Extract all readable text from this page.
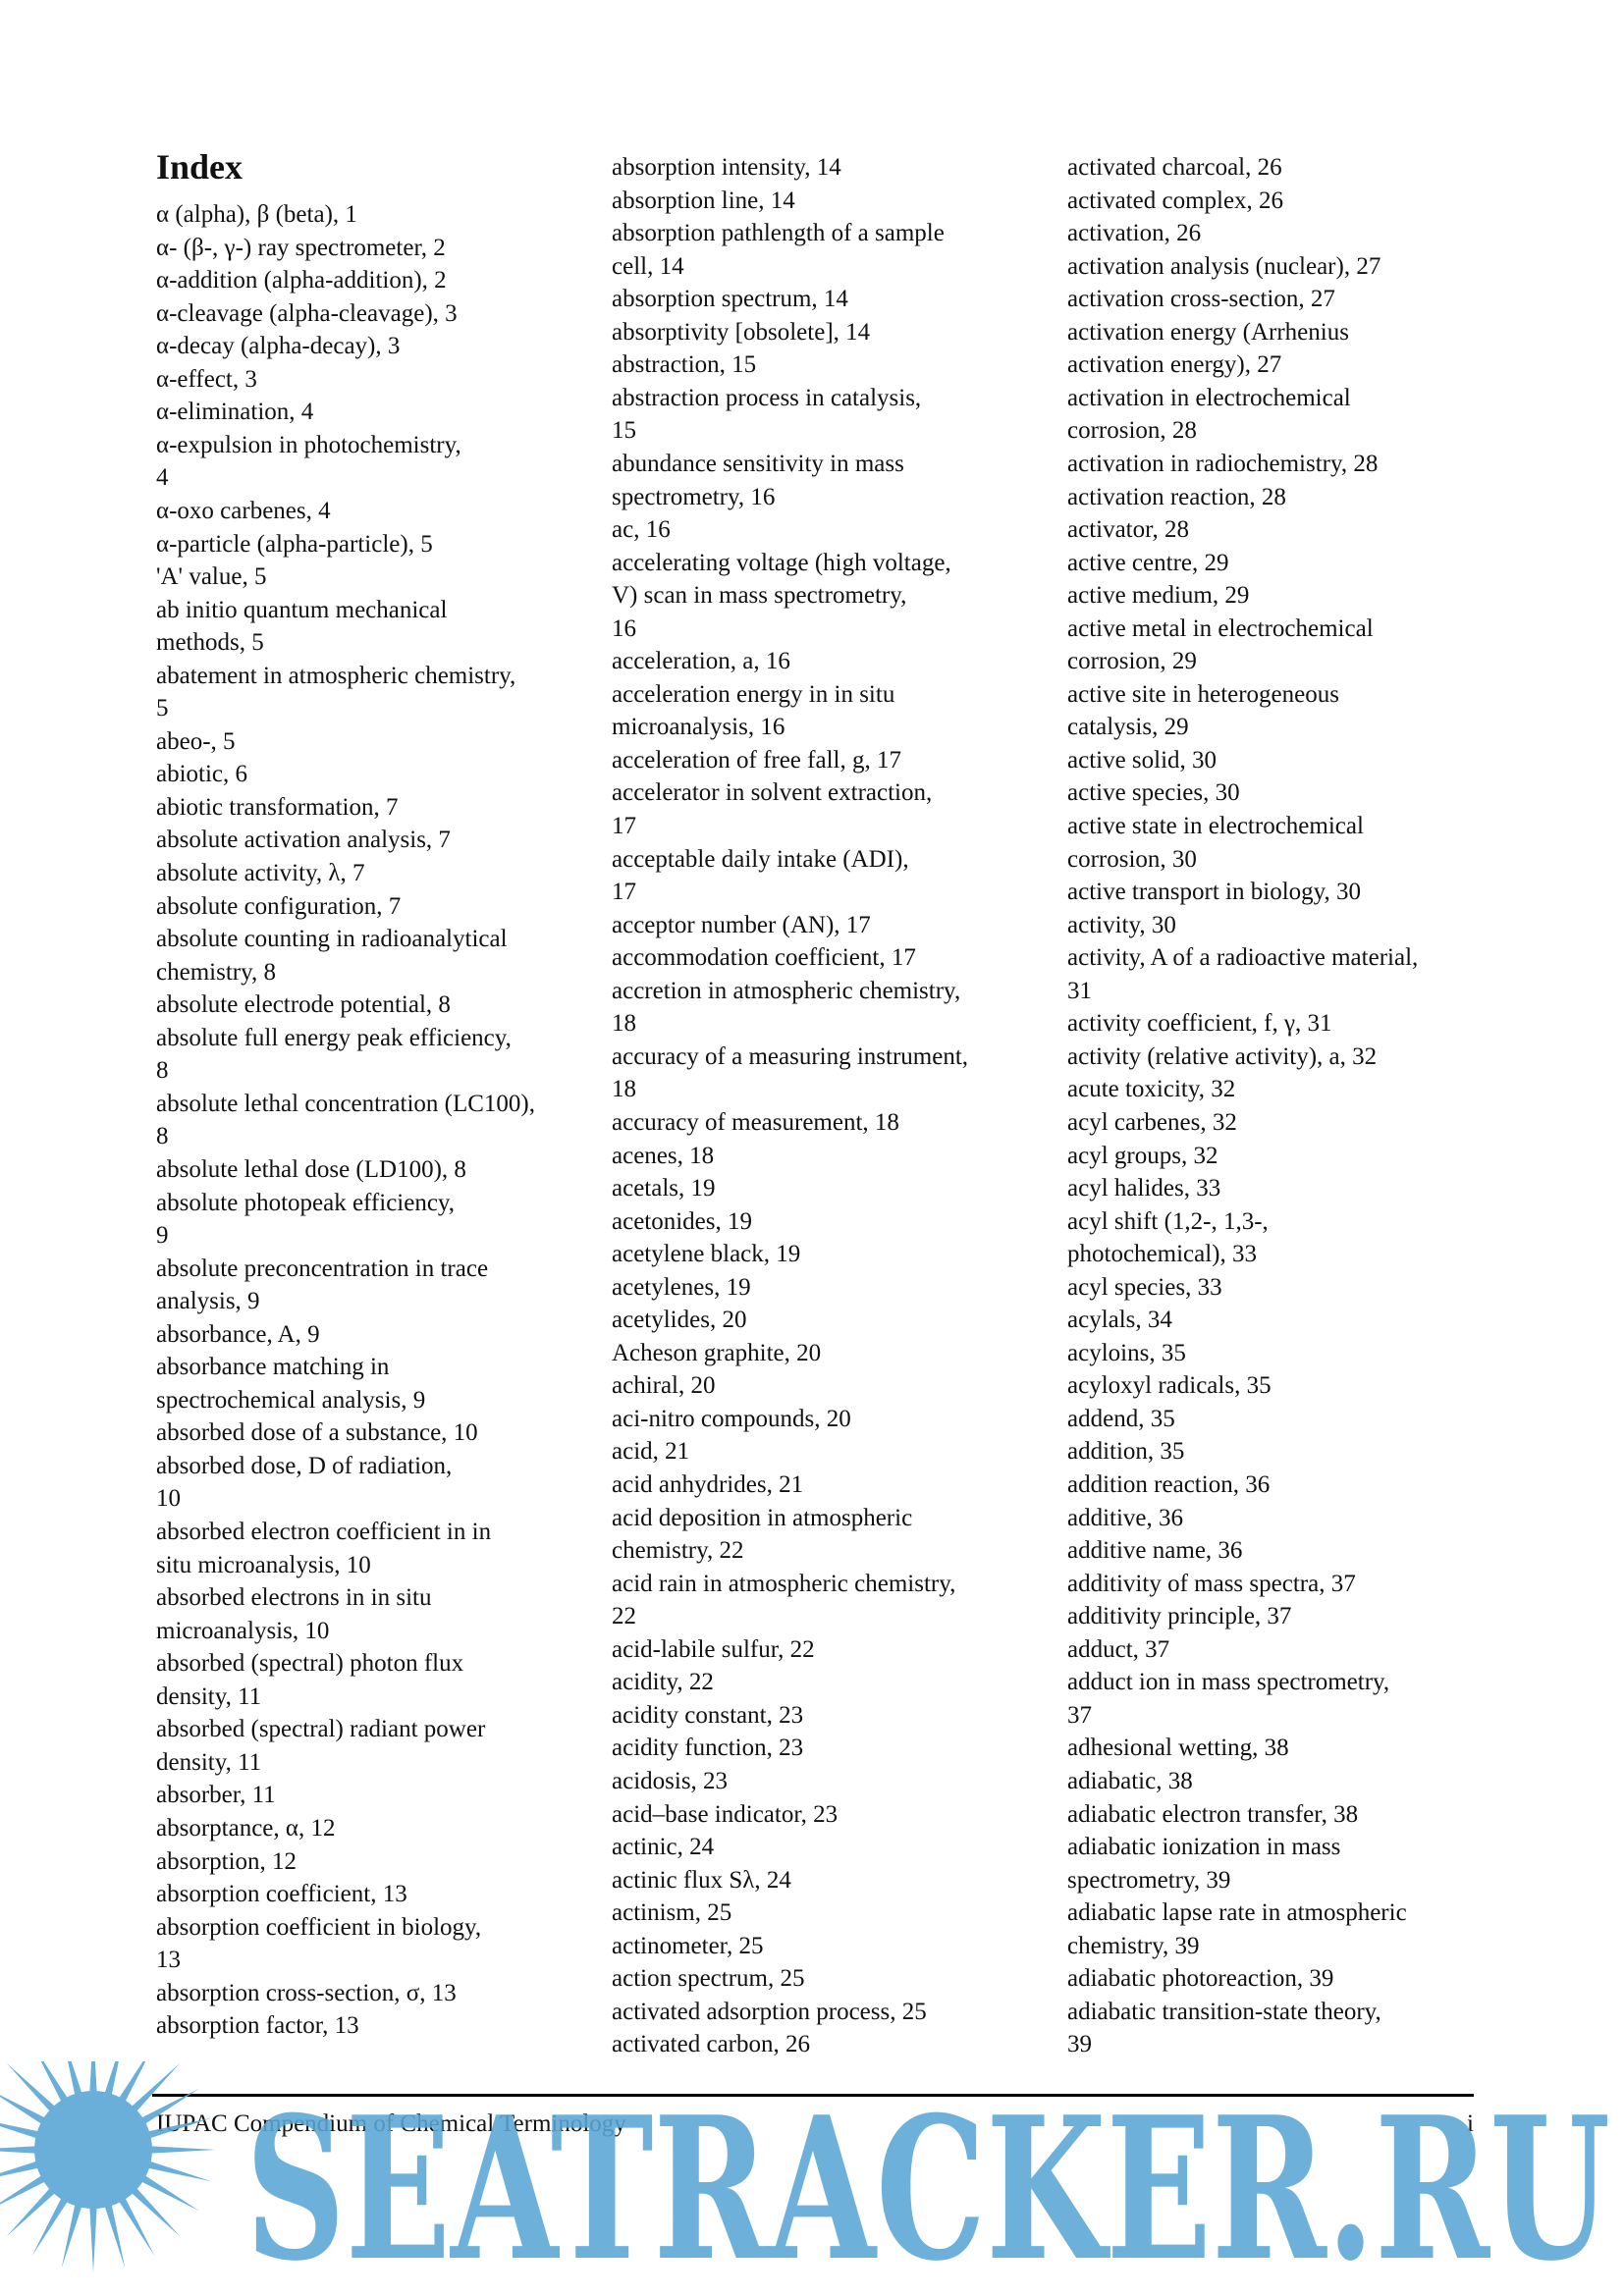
Index
α (alpha), β (beta), 1
α- (β-, γ-) ray spectrometer, 2
α-addition (alpha-addition), 2
α-cleavage (alpha-cleavage), 3
α-decay (alpha-decay), 3
α-effect, 3
α-elimination, 4
α-expulsion in photochemistry,
4
α-oxo carbenes, 4
α-particle (alpha-particle), 5
'A' value, 5
ab initio quantum mechanical
methods, 5
abatement in atmospheric chemistry,
5
abeo-, 5
abiotic, 6
abiotic transformation, 7
absolute activation analysis, 7
absolute activity, λ, 7
absolute configuration, 7
absolute counting in radioanalytical
chemistry, 8
absolute electrode potential, 8
absolute full energy peak efficiency,
8
absolute lethal concentration (LC100),
8
absolute lethal dose (LD100), 8
absolute photopeak efficiency,
9
absolute preconcentration in trace
analysis, 9
absorbance, A, 9
absorbance matching in
spectrochemical analysis, 9
absorbed dose of a substance, 10
absorbed dose, D of radiation,
10
absorbed electron coefficient in in
situ microanalysis, 10
absorbed electrons in in situ
microanalysis, 10
absorbed (spectral) photon flux
density, 11
absorbed (spectral) radiant power
density, 11
absorber, 11
absorptance, α, 12
absorption, 12
absorption coefficient, 13
absorption coefficient in biology,
13
absorption cross-section, σ, 13
absorption factor, 13
absorption intensity, 14
absorption line, 14
absorption pathlength of a sample
cell, 14
absorption spectrum, 14
absorptivity [obsolete], 14
abstraction, 15
abstraction process in catalysis,
15
abundance sensitivity in mass
spectrometry, 16
ac, 16
accelerating voltage (high voltage,
V) scan in mass spectrometry,
16
acceleration, a, 16
acceleration energy in in situ
microanalysis, 16
acceleration of free fall, g, 17
accelerator in solvent extraction,
17
acceptable daily intake (ADI),
17
acceptor number (AN), 17
accommodation coefficient, 17
accretion in atmospheric chemistry,
18
accuracy of a measuring instrument,
18
accuracy of measurement, 18
acenes, 18
acetals, 19
acetonides, 19
acetylene black, 19
acetylenes, 19
acetylides, 20
Acheson graphite, 20
achiral, 20
aci-nitro compounds, 20
acid, 21
acid anhydrides, 21
acid deposition in atmospheric
chemistry, 22
acid rain in atmospheric chemistry,
22
acid-labile sulfur, 22
acidity, 22
acidity constant, 23
acidity function, 23
acidosis, 23
acid–base indicator, 23
actinic, 24
actinic flux Sλ, 24
actinism, 25
actinometer, 25
action spectrum, 25
activated adsorption process, 25
activated carbon, 26
activated charcoal, 26
activated complex, 26
activation, 26
activation analysis (nuclear), 27
activation cross-section, 27
activation energy (Arrhenius
activation energy), 27
activation in electrochemical
corrosion, 28
activation in radiochemistry, 28
activation reaction, 28
activator, 28
active centre, 29
active medium, 29
active metal in electrochemical
corrosion, 29
active site in heterogeneous
catalysis, 29
active solid, 30
active species, 30
active state in electrochemical
corrosion, 30
active transport in biology, 30
activity, 30
activity, A of a radioactive material,
31
activity coefficient, f, γ, 31
activity (relative activity), a, 32
acute toxicity, 32
acyl carbenes, 32
acyl groups, 32
acyl halides, 33
acyl shift (1,2-, 1,3-,
photochemical), 33
acyl species, 33
acylals, 34
acyloins, 35
acyloxyl radicals, 35
addend, 35
addition, 35
addition reaction, 36
additive, 36
additive name, 36
additivity of mass spectra, 37
additivity principle, 37
adduct, 37
adduct ion in mass spectrometry,
37
adhesional wetting, 38
adiabatic, 38
adiabatic electron transfer, 38
adiabatic ionization in mass
spectrometry, 39
adiabatic lapse rate in atmospheric
chemistry, 39
adiabatic photoreaction, 39
adiabatic transition-state theory,
39
IUPAC Compendium of Chemical Terminology	i
SEATRACKER.RU
